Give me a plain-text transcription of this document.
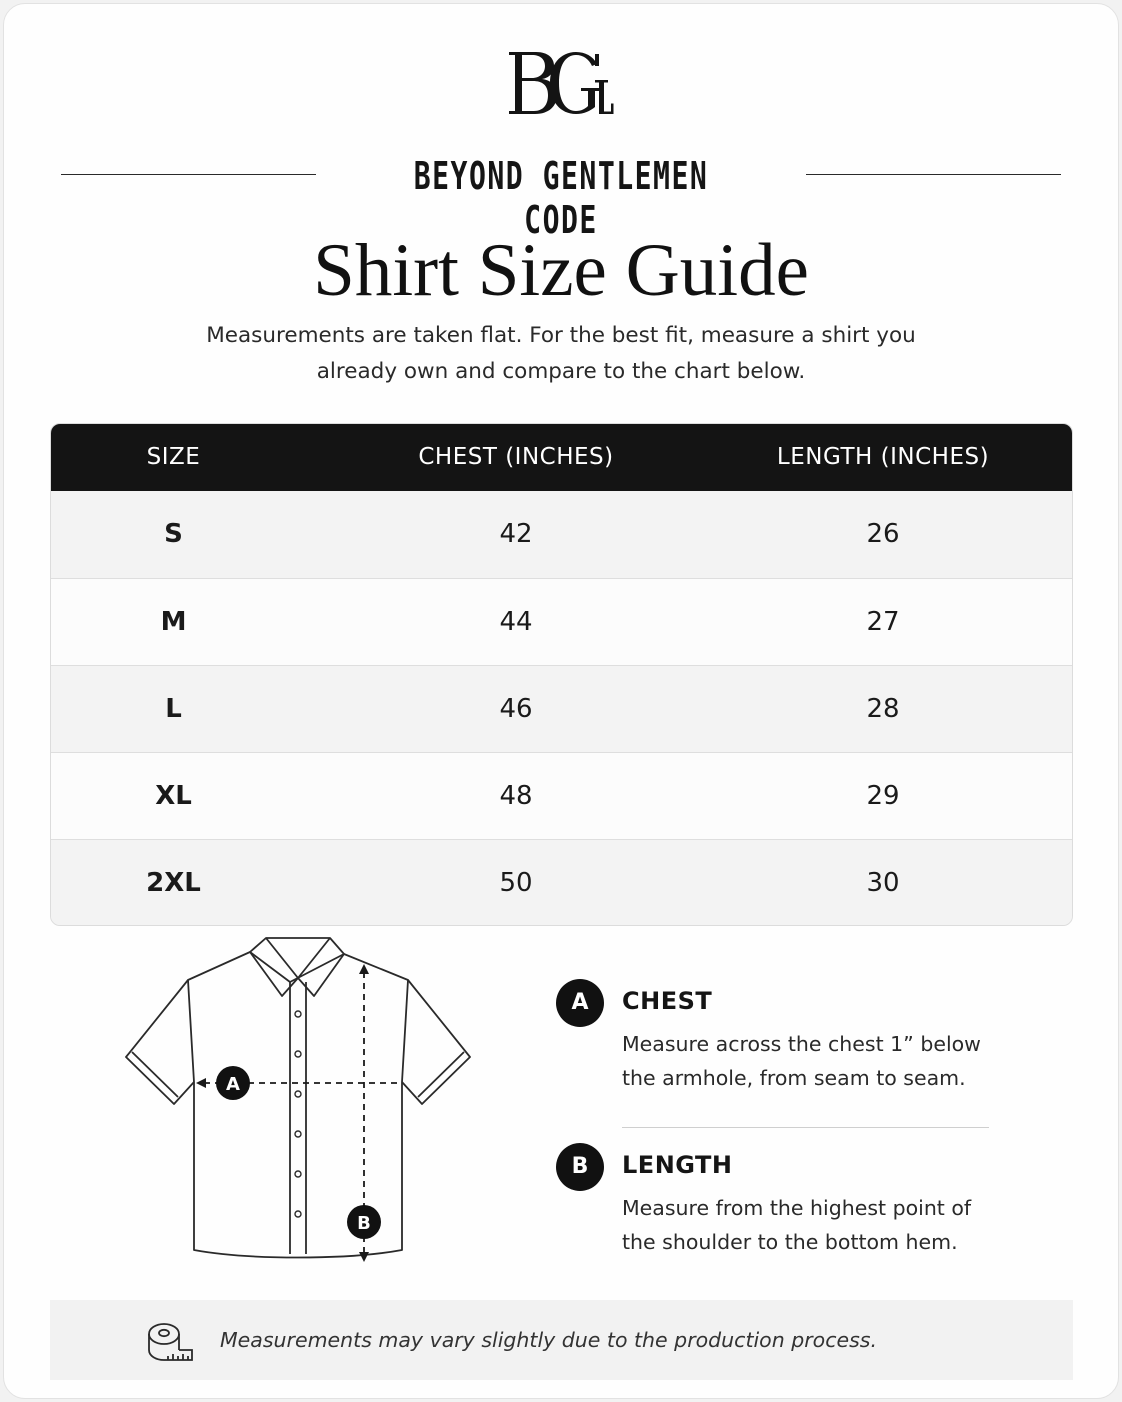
BEYOND GENTLEMEN CODE
Shirt Size Guide
Measurements are taken flat. For the best fit, measure a shirt you
already own and compare to the chart below.
SIZE	CHEST (INCHES)	LENGTH (INCHES)
S	42	26
M	44	27
L	46	28
XL	48	29
2XL	50	30
A
B
A	CHEST
Measure across the chest 1” below
the armhole, from seam to seam.
B	LENGTH
Measure from the highest point of
the shoulder to the bottom hem.
Measurements may vary slightly due to the production process.
